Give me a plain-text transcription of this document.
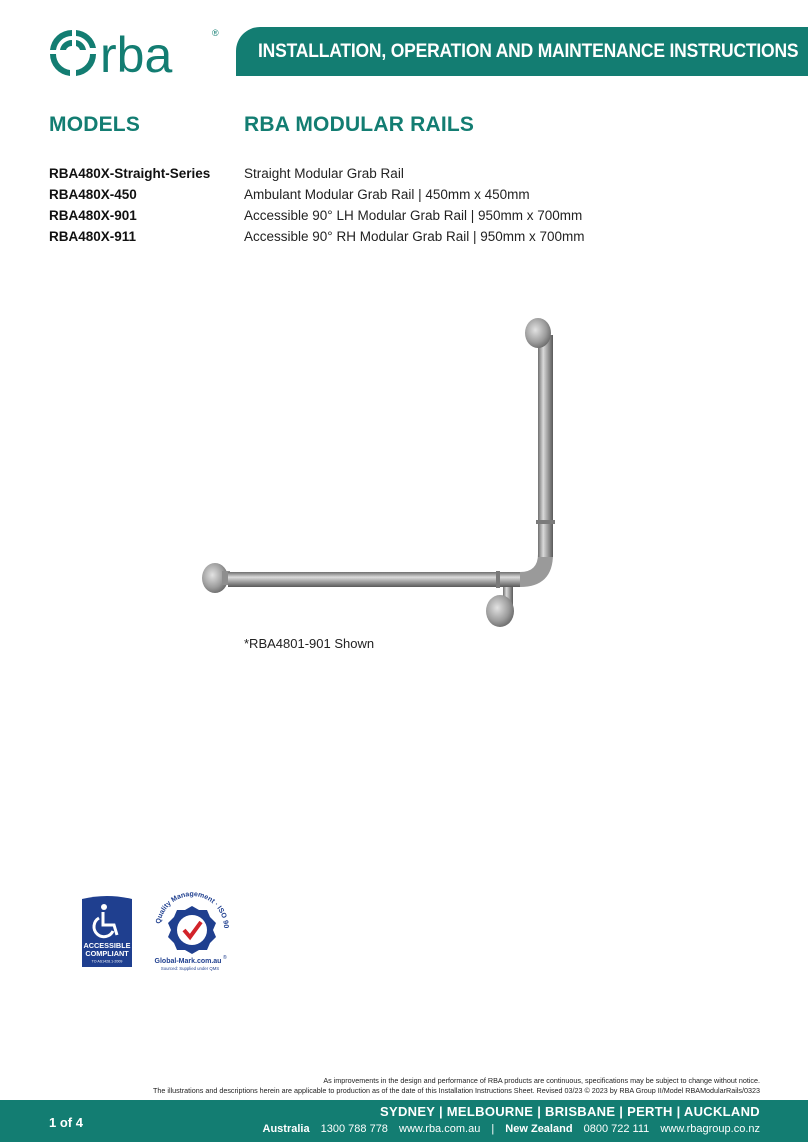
rba	®
INSTALLATION, OPERATION AND MAINTENANCE INSTRUCTIONS
MODELS	RBA MODULAR RAILS
RBA480X-Straight-Series	Straight Modular Grab Rail
RBA480X-450	Ambulant Modular Grab Rail | 450mm x 450mm
RBA480X-901	Accessible 90° LH Modular Grab Rail | 950mm x 700mm
RBA480X-911	Accessible 90° RH Modular Grab Rail | 950mm x 700mm
*RBA4801-901 Shown
ACCESSIBLE
COMPLIANT
TO AS1428.1-2009
Quality Management · ISO 90
Global-Mark.com.au ®
Sourced: Supplied under QMS
As improvements in the design and performance of RBA products are continuous, specifications may be subject to change without notice.
The illustrations and descriptions herein are applicable to production as of the date of this Installation Instructions Sheet. Revised 03/23 © 2023 by RBA Group II/Model RBAModularRails/0323
1 of 4
SYDNEY | MELBOURNE | BRISBANE | PERTH | AUCKLAND
Australia 1300 788 778 www.rba.com.au | New Zealand 0800 722 111 www.rbagroup.co.nz
